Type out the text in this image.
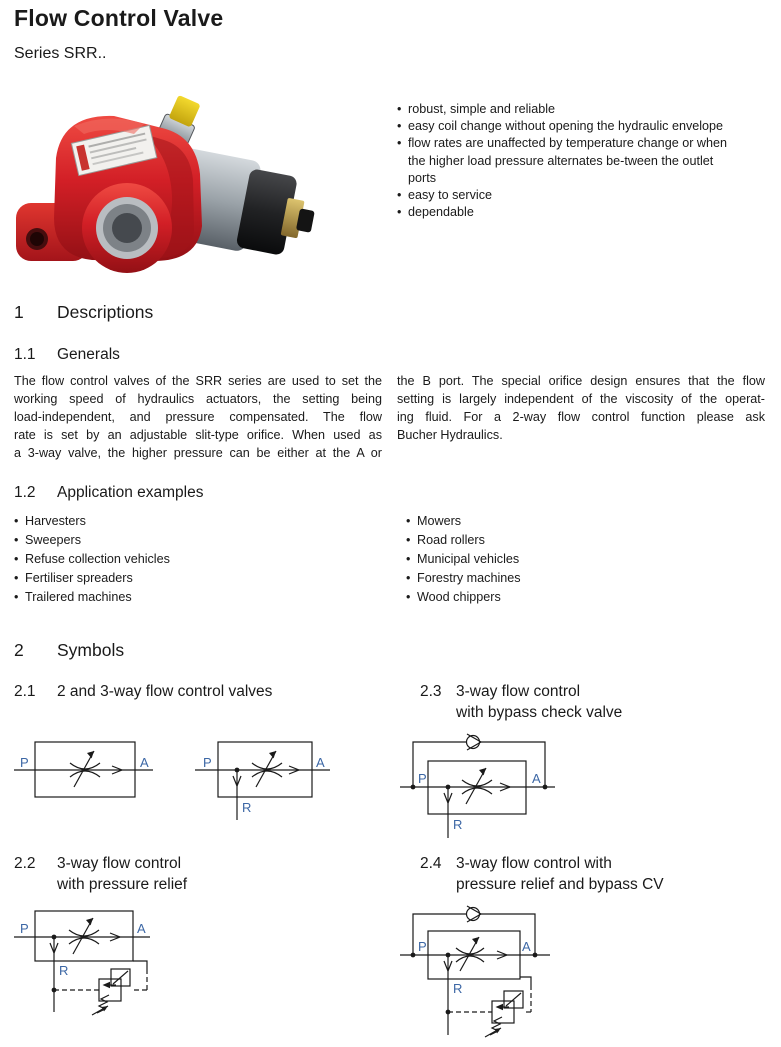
Flow Control Valve
Series SRR..
• robust, simple and reliable
• easy coil change without opening the hydraulic envelope
• flow rates are unaffected by temperature change or when the higher load pressure alternates be-tween the outlet ports
• easy to service
• dependable
1	Descriptions
1.1	Generals
The flow control valves of the SRR series are used to set the
working speed of hydraulics actuators, the setting being
load-independent, and pressure compensated. The flow
rate is set by an adjustable slit-type orifice. When used as
a 3-way valve, the higher pressure can be either at the A or
the B port. The special orifice design ensures that the flow
setting is largely independent of the viscosity of the operat-
ing fluid. For a 2-way flow control function please ask
Bucher Hydraulics.
1.2	Application examples
• Harvesters
• Sweepers
• Refuse collection vehicles
• Fertiliser spreaders
• Trailered machines
• Mowers
• Road rollers
• Municipal vehicles
• Forestry machines
• Wood chippers
2	Symbols
2.1	2 and 3-way flow control valves	2.3 3-way flow control
with bypass check valve
P	A	P	A
R
P	A
R
2.2	3-way flow control
with pressure relief
2.4 3-way flow control with
pressure relief and bypass CV
P	A
R
P	A
R
